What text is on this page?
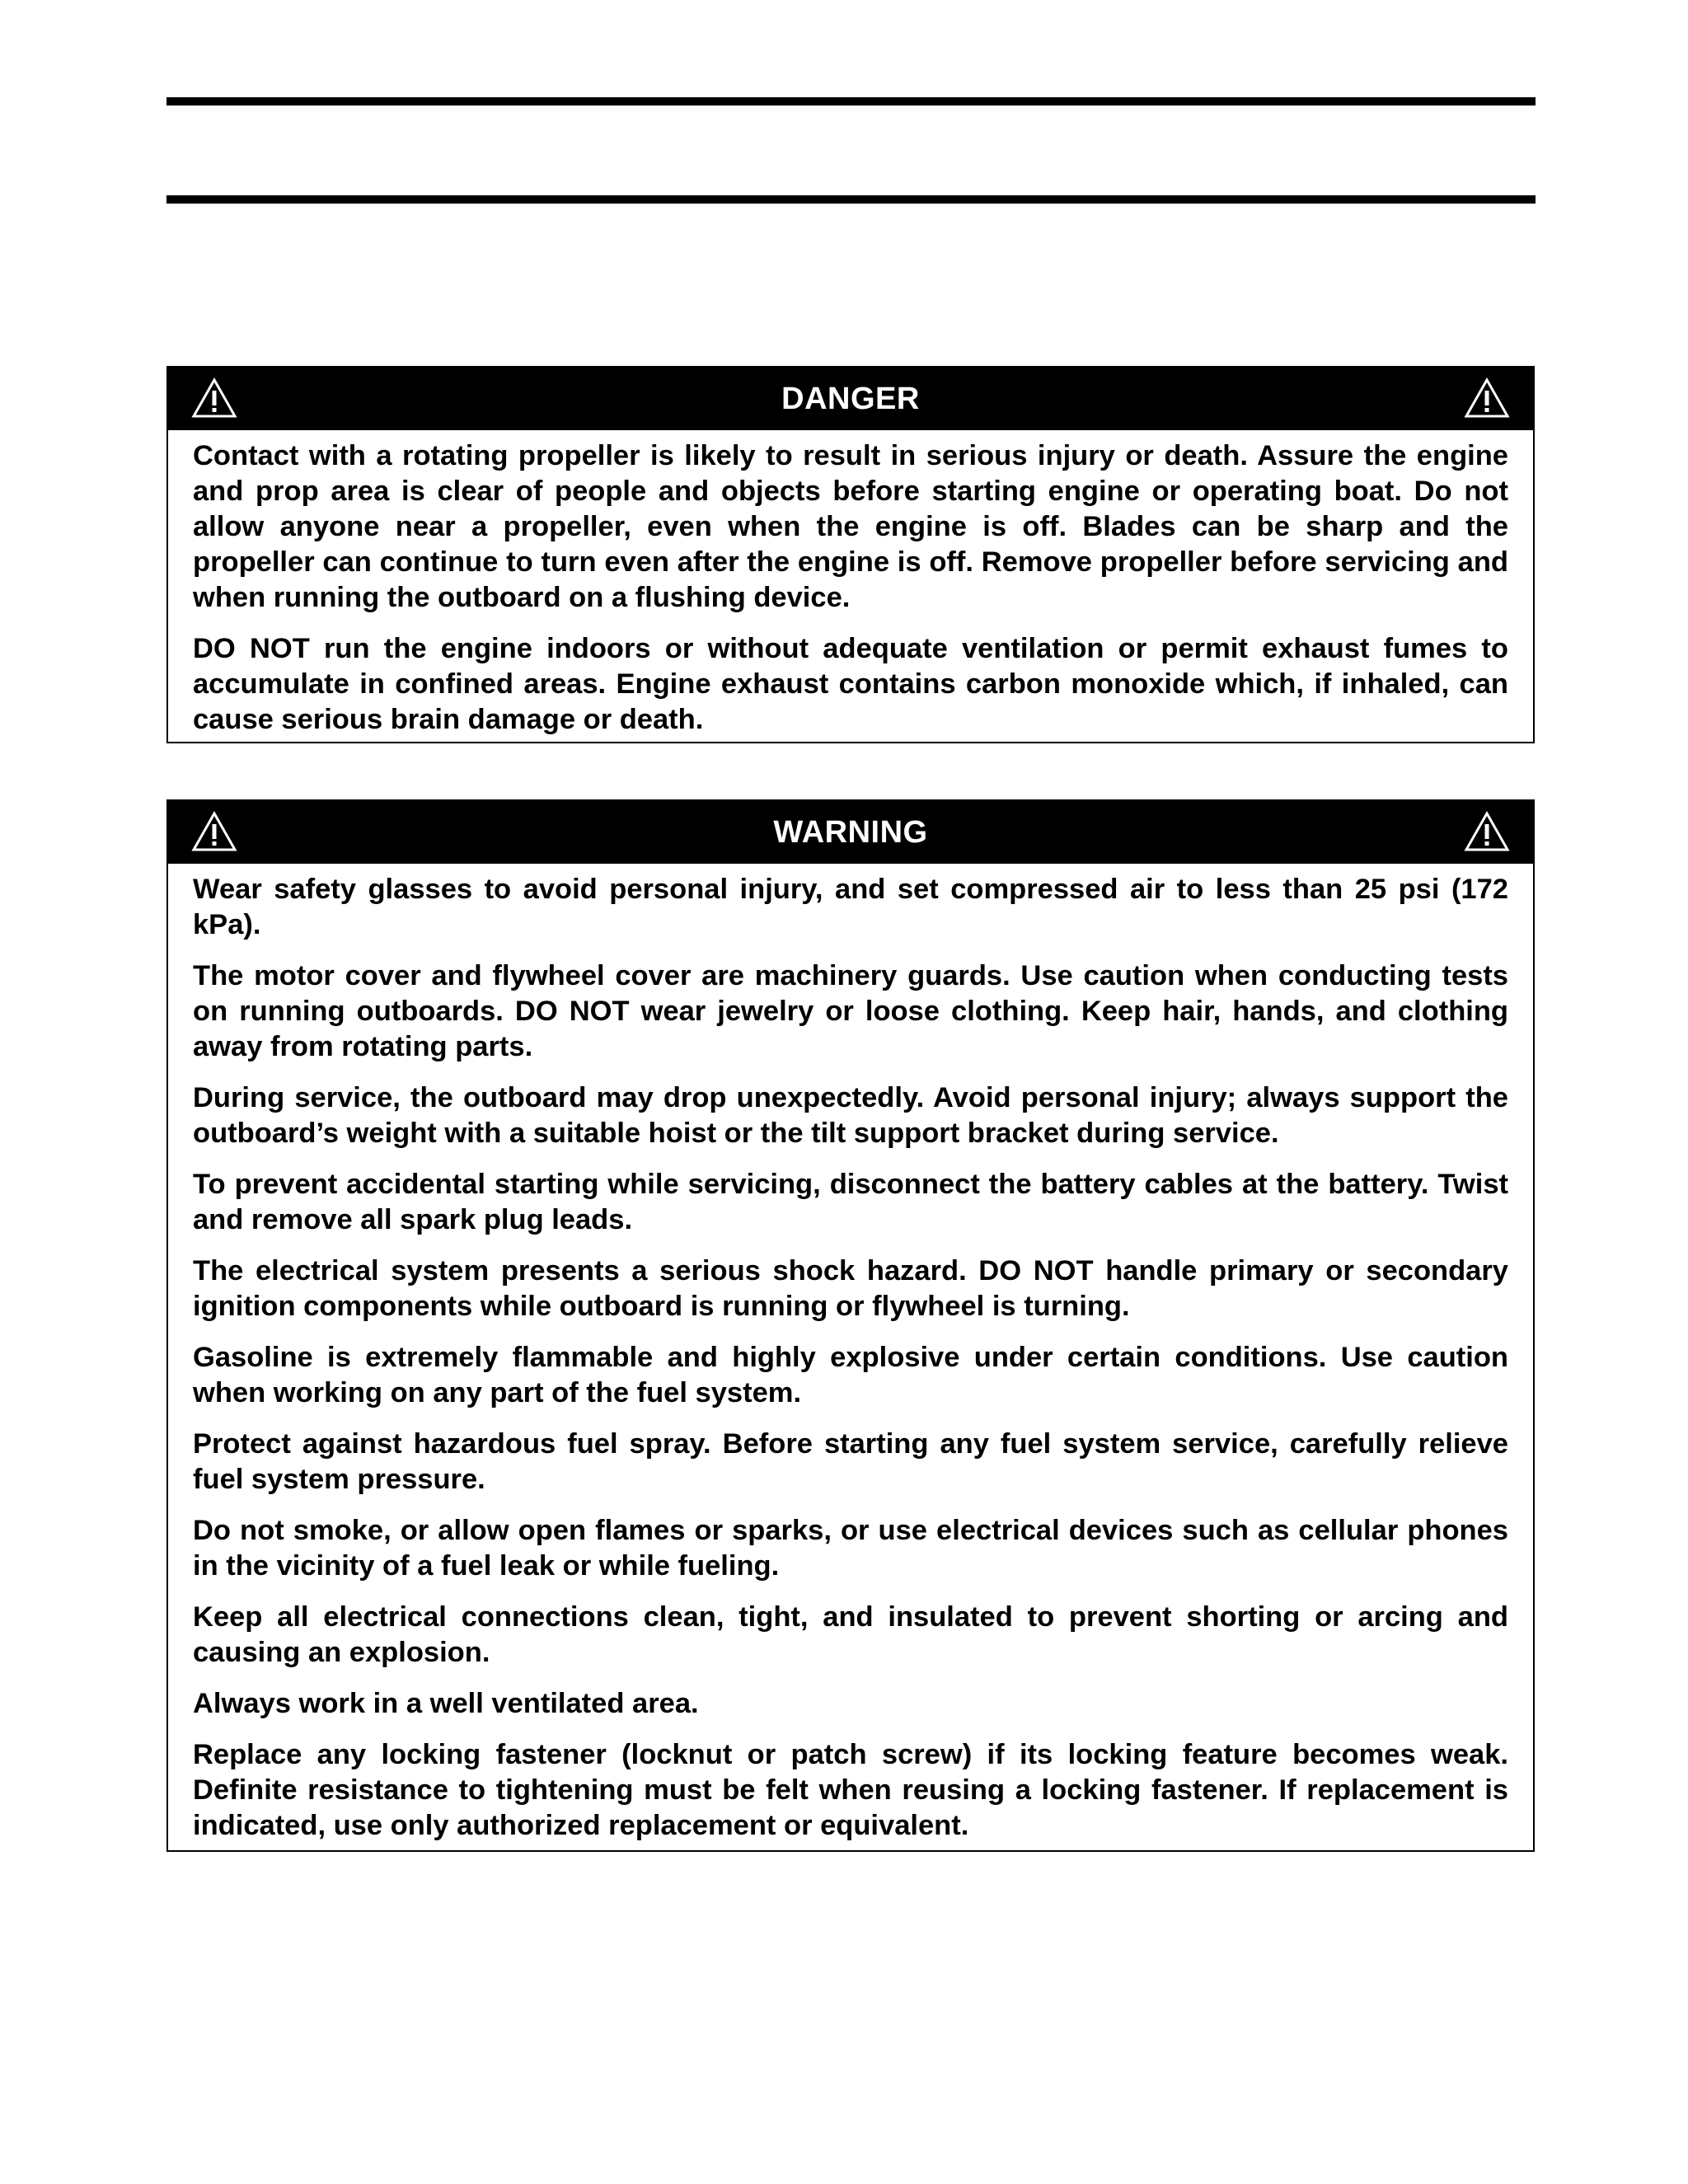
DANGER

Contact with a rotating propeller is likely to result in serious injury or death. Assure the engine and prop area is clear of people and objects before starting engine or operating boat. Do not allow anyone near a propeller, even when the engine is off. Blades can be sharp and the propeller can continue to turn even after the engine is off. Remove propeller before servicing and when running the outboard on a flushing device.

DO NOT run the engine indoors or without adequate ventilation or permit exhaust fumes to accumulate in confined areas. Engine exhaust contains carbon monoxide which, if inhaled, can cause serious brain damage or death.

WARNING

Wear safety glasses to avoid personal injury, and set compressed air to less than 25 psi (172 kPa).

The motor cover and flywheel cover are machinery guards. Use caution when conducting tests on running outboards. DO NOT wear jewelry or loose clothing. Keep hair, hands, and clothing away from rotating parts.

During service, the outboard may drop unexpectedly. Avoid personal injury; always support the outboard’s weight with a suitable hoist or the tilt support bracket during service.

To prevent accidental starting while servicing, disconnect the battery cables at the battery. Twist and remove all spark plug leads.

The electrical system presents a serious shock hazard. DO NOT handle primary or secondary ignition components while outboard is running or flywheel is turning.

Gasoline is extremely flammable and highly explosive under certain conditions. Use caution when working on any part of the fuel system.

Protect against hazardous fuel spray. Before starting any fuel system service, carefully relieve fuel system pressure.

Do not smoke, or allow open flames or sparks, or use electrical devices such as cellular phones in the vicinity of a fuel leak or while fueling.

Keep all electrical connections clean, tight, and insulated to prevent shorting or arcing and causing an explosion.

Always work in a well ventilated area.

Replace any locking fastener (locknut or patch screw) if its locking feature becomes weak. Definite resistance to tightening must be felt when reusing a locking fastener. If replacement is indicated, use only authorized replacement or equivalent.
